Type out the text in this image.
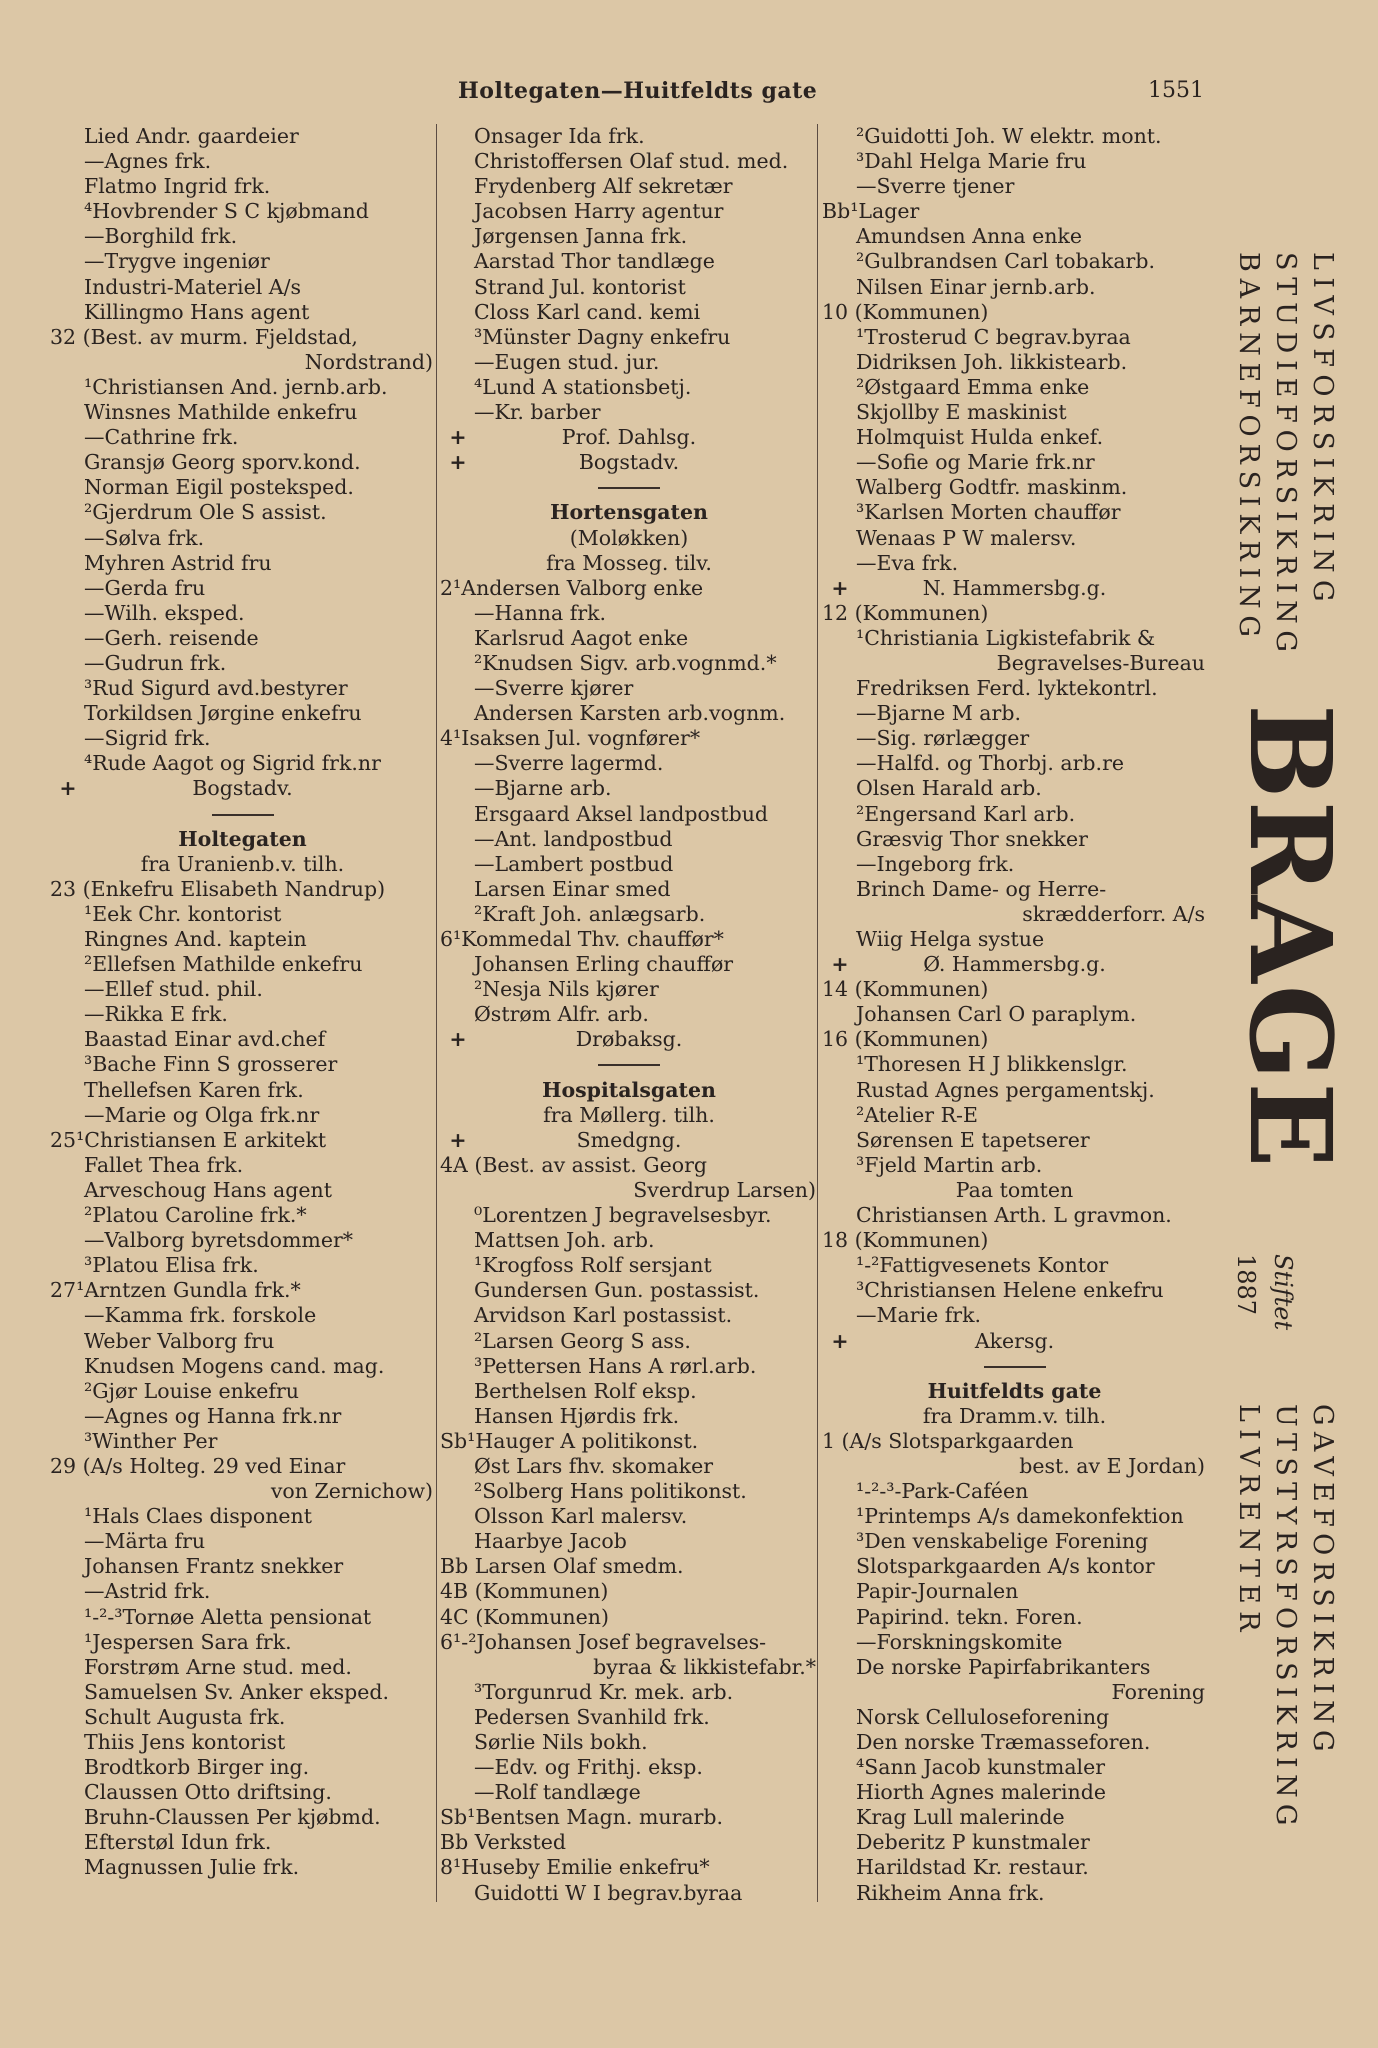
Holtegaten—Huitfeldts gate	1551
Lied Andr. gaardeier
—Agnes frk.
Flatmo Ingrid frk.
⁴Hovbrender S C kjøbmand
—Borghild frk.
—Trygve ingeniør
Industri-Materiel A/s
Killingmo Hans agent
32 (Best. av murm. Fjeldstad,
Nordstrand)
¹Christiansen And. jernb.arb.
Winsnes Mathilde enkefru
—Cathrine frk.
Gransjø Georg sporv.kond.
Norman Eigil postekspеd.
²Gjerdrum Ole S assist.
—Sølva frk.
Myhren Astrid fru
—Gerda fru
—Wilh. eksped.
—Gerh. reisende
—Gudrun frk.
³Rud Sigurd avd.bestyrer
Torkildsen Jørgine enkefru
—Sigrid frk.
⁴Rude Aagot og Sigrid frk.nr
+	Bogstadv.
Holtegaten
fra Uranienb.v. tilh.
23 (Enkefru Elisabeth Nandrup)
¹Eek Chr. kontorist
Ringnes And. kaptein
²Ellefsen Mathilde enkefru
—Ellef stud. phil.
—Rikka E frk.
Baastad Einar avd.chef
³Bache Finn S grosserer
Thellefsen Karen frk.
—Marie og Olga frk.nr
25¹Christiansen E arkitekt
Fallet Thea frk.
Arveschoug Hans agent
²Platou Caroline frk.*
—Valborg byretsdommer*
³Platou Elisa frk.
27¹Arntzen Gundla frk.*
—Kamma frk. forskole
Weber Valborg fru
Knudsen Mogens cand. mag.
²Gjør Louise enkefru
—Agnes og Hanna frk.nr
³Winther Per
29 (A/s Holteg. 29 ved Einar
von Zernichow)
¹Hals Claes disponent
—Märta fru
Johansen Frantz snekker
—Astrid frk.
¹-²-³Tornøe Aletta pensionat
¹Jespersen Sara frk.
Forstrøm Arne stud. med.
Samuelsen Sv. Anker eksped.
Schult Augusta frk.
Thiis Jens kontorist
Brodtkorb Birger ing.
Claussen Otto driftsing.
Bruhn-Claussen Per kjøbmd.
Efterstøl Idun frk.
Magnussen Julie frk.
Onsager Ida frk.
Christoffersen Olaf stud. med.
Frydenberg Alf sekretær
Jacobsen Harry agentur
Jørgensen Janna frk.
Aarstad Thor tandlæge
Strand Jul. kontorist
Closs Karl cand. kemi
³Münster Dagny enkefru
—Eugen stud. jur.
⁴Lund A stationsbetj.
—Kr. barber
+	Prof. Dahlsg.
+	Bogstadv.
Hortensgaten
(Moløkken)
fra Mosseg. tilv.
2¹Andersen Valborg enke
—Hanna frk.
Karlsrud Aagot enke
²Knudsen Sigv. arb.vognmd.*
—Sverre kjører
Andersen Karsten arb.vognm.
4¹Isaksen Jul. vognfører*
—Sverre lagermd.
—Bjarne arb.
Ersgaard Aksel landpostbud
—Ant. landpostbud
—Lambert postbud
Larsen Einar smed
²Kraft Joh. anlægsarb.
6¹Kommedal Thv. chauffør*
Johansen Erling chauffør
²Nesja Nils kjører
Østrøm Alfr. arb.
+	Drøbaksg.
Hospitalsgaten
fra Møllerg. tilh.
+	Smedgng.
4A (Best. av assist. Georg
Sverdrup Larsen)
⁰Lorentzen J begravelsesbyr.
Mattsen Joh. arb.
¹Krogfoss Rolf sersjant
Gundersen Gun. postassist.
Arvidson Karl postassist.
²Larsen Georg S ass.
³Pettersen Hans A rørl.arb.
Berthelsen Rolf eksp.
Hansen Hjørdis frk.
Sb¹Hauger A politikonst.
Øst Lars fhv. skomaker
²Solberg Hans politikonst.
Olsson Karl malersv.
Haarbye Jacob
Bb Larsen Olaf smedm.
4B (Kommunen)
4C (Kommunen)
6¹-²Johansen Josef begravelses-
byraa & likkistefabr.*
³Torgunrud Kr. mek. arb.
Pedersen Svanhild frk.
Sørlie Nils bokh.
—Edv. og Frithj. eksp.
—Rolf tandlæge
Sb¹Bentsen Magn. murarb.
Bb Verksted
8¹Huseby Emilie enkefru*
Guidotti W I begrav.byraa
²Guidotti Joh. W elektr. mont.
³Dahl Helga Marie fru
—Sverre tjener
Bb¹Lager
Amundsen Anna enke
²Gulbrandsen Carl tobakarb.
Nilsen Einar jernb.arb.
10 (Kommunen)
¹Trosterud C begrav.byraa
Didriksen Joh. likkistearb.
²Østgaard Emma enke
Skjollby E maskinist
Holmquist Hulda enkef.
—Sofie og Marie frk.nr
Walberg Godtfr. maskinm.
³Karlsen Morten chauffør
Wenaas P W malersv.
—Eva frk.
+	N. Hammersbg.g.
12 (Kommunen)
¹Christiania Ligkistefabrik &
Begravelses-Bureau
Fredriksen Ferd. lyktekontrl.
—Bjarne M arb.
—Sig. rørlægger
—Halfd. og Thorbj. arb.re
Olsen Harald arb.
²Engersand Karl arb.
Græsvig Thor snekker
—Ingeborg frk.
Brinch Dame- og Herre-
skrædderforr. A/s
Wiig Helga systue
+	Ø. Hammersbg.g.
14 (Kommunen)
Johansen Carl O paraplym.
16 (Kommunen)
¹Thoresen H J blikkenslgr.
Rustad Agnes pergamentskj.
²Atelier R-E
Sørensen E tapetserer
³Fjeld Martin arb.
Paa tomten
Christiansen Arth. L gravmon.
18 (Kommunen)
¹-²Fattigvesenets Kontor
³Christiansen Helene enkefru
—Marie frk.
+	Akersg.
Huitfeldts gate
fra Dramm.v. tilh.
1 (A/s Slotsparkgaarden
best. av E Jordan)
¹-²-³-Park-Caféen
¹Printemps A/s damekonfektion
³Den venskabelige Forening
Slotsparkgaarden A/s kontor
Papir-Journalen
Papirind. tekn. Foren.
—Forskningskomite
De norske Papirfabrikanters
Forening
Norsk Celluloseforening
Den norske Træmasseforen.
⁴Sann Jacob kunstmaler
Hiorth Agnes malerinde
Krag Lull malerinde
Deberitz P kunstmaler
Harildstad Kr. restaur.
Rikheim Anna frk.
LIVSFORSIKRING
STUDIEFORSIKRING
BARNEFORSIKRING
BRAGE
Stiftet
1887
GAVEFORSIKRING
UTSTYRSFORSIKRING
LIVRENTER
